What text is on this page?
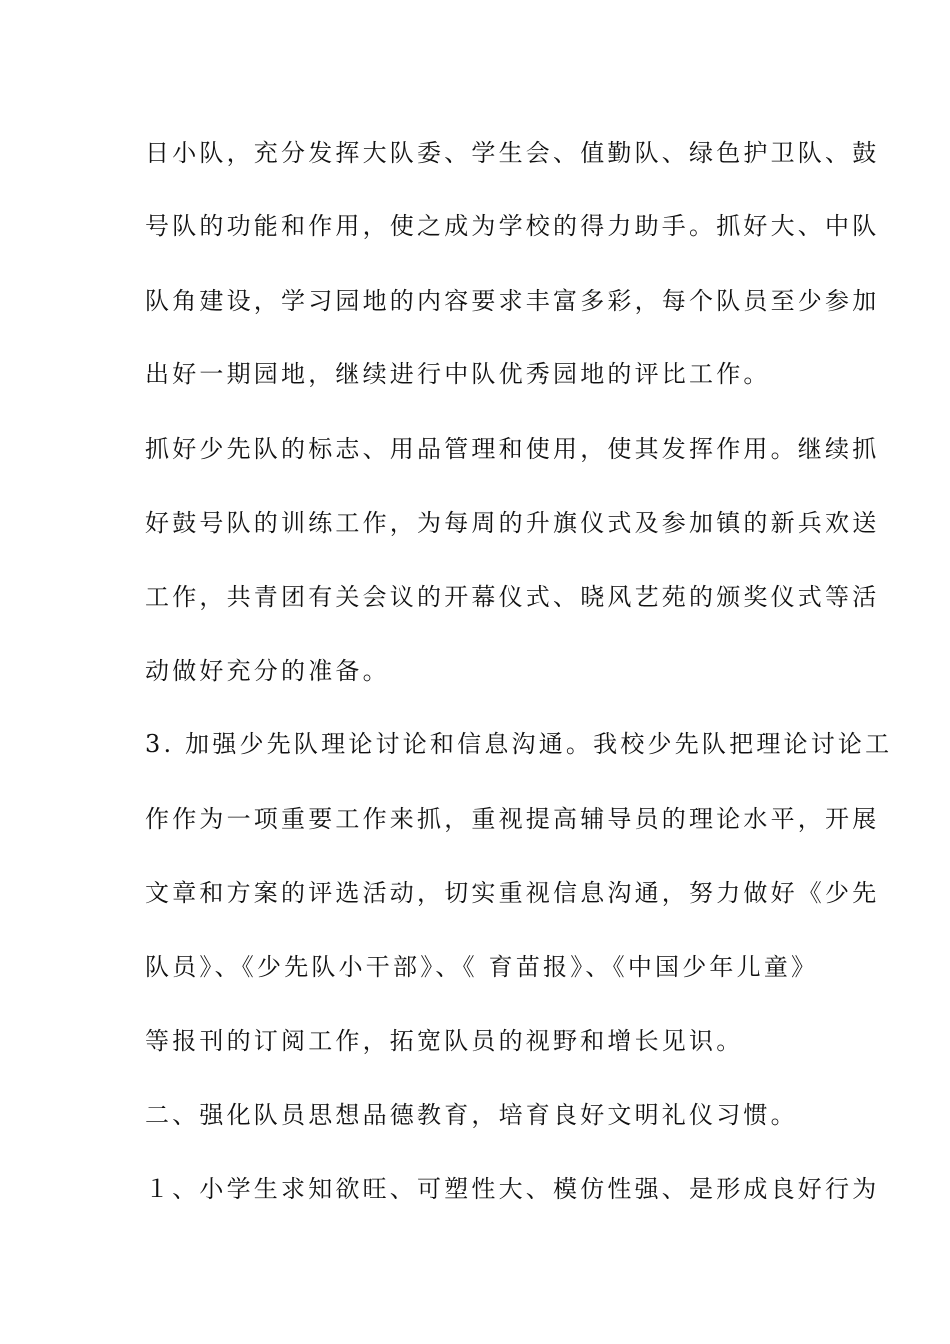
日小队，充分发挥大队委、学生会、值勤队、绿色护卫队、鼓
号队的功能和作用，使之成为学校的得力助手。抓好大、中队
队角建设，学习园地的内容要求丰富多彩，每个队员至少参加
出好一期园地，继续进行中队优秀园地的评比工作。
抓好少先队的标志、用品管理和使用，使其发挥作用。继续抓
好鼓号队的训练工作，为每周的升旗仪式及参加镇的新兵欢送
工作，共青团有关会议的开幕仪式、晓风艺苑的颁奖仪式等活
动做好充分的准备。
3. 加强少先队理论讨论和信息沟通。我校少先队把理论讨论工
作作为一项重要工作来抓，重视提高辅导员的理论水平，开展
文章和方案的评选活动，切实重视信息沟通，努力做好《少先
队员》、《少先队小干部》、《 育苗报》、《中国少年儿童》
等报刊的订阅工作，拓宽队员的视野和增长见识。
二、强化队员思想品德教育，培育良好文明礼仪习惯。
１、小学生求知欲旺、可塑性大、模仿性强、是形成良好行为
